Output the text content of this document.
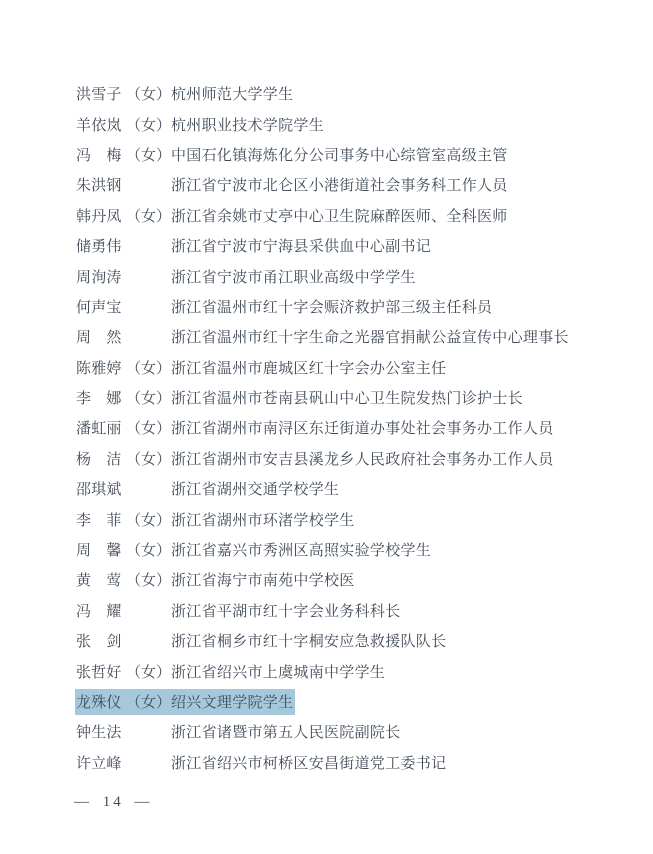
洪雪子 （女） 杭州师范大学学生
羊依岚 （女） 杭州职业技术学院学生
冯　梅 （女） 中国石化镇海炼化分公司事务中心综管室高级主管
朱洪钢	浙江省宁波市北仑区小港街道社会事务科工作人员
韩丹凤 （女） 浙江省余姚市丈亭中心卫生院麻醉医师、全科医师
储勇伟	浙江省宁波市宁海县采供血中心副书记
周洵涛	浙江省宁波市甬江职业高级中学学生
何声宝	浙江省温州市红十字会赈济救护部三级主任科员
周　然	浙江省温州市红十字生命之光器官捐献公益宣传中心理事长
陈雅婷 （女） 浙江省温州市鹿城区红十字会办公室主任
李　娜 （女） 浙江省温州市苍南县矾山中心卫生院发热门诊护士长
潘虹丽 （女） 浙江省湖州市南浔区东迁街道办事处社会事务办工作人员
杨　洁 （女） 浙江省湖州市安吉县溪龙乡人民政府社会事务办工作人员
邵琪斌	浙江省湖州交通学校学生
李　菲 （女） 浙江省湖州市环渚学校学生
周　馨 （女） 浙江省嘉兴市秀洲区高照实验学校学生
黄　莺 （女） 浙江省海宁市南苑中学校医
冯　耀	浙江省平湖市红十字会业务科科长
张　剑	浙江省桐乡市红十字桐安应急救援队队长
张哲好 （女） 浙江省绍兴市上虞城南中学学生
龙殊仪 （女） 绍兴文理学院学生
钟生法	浙江省诸暨市第五人民医院副院长
许立峰	浙江省绍兴市柯桥区安昌街道党工委书记
— 14 —
